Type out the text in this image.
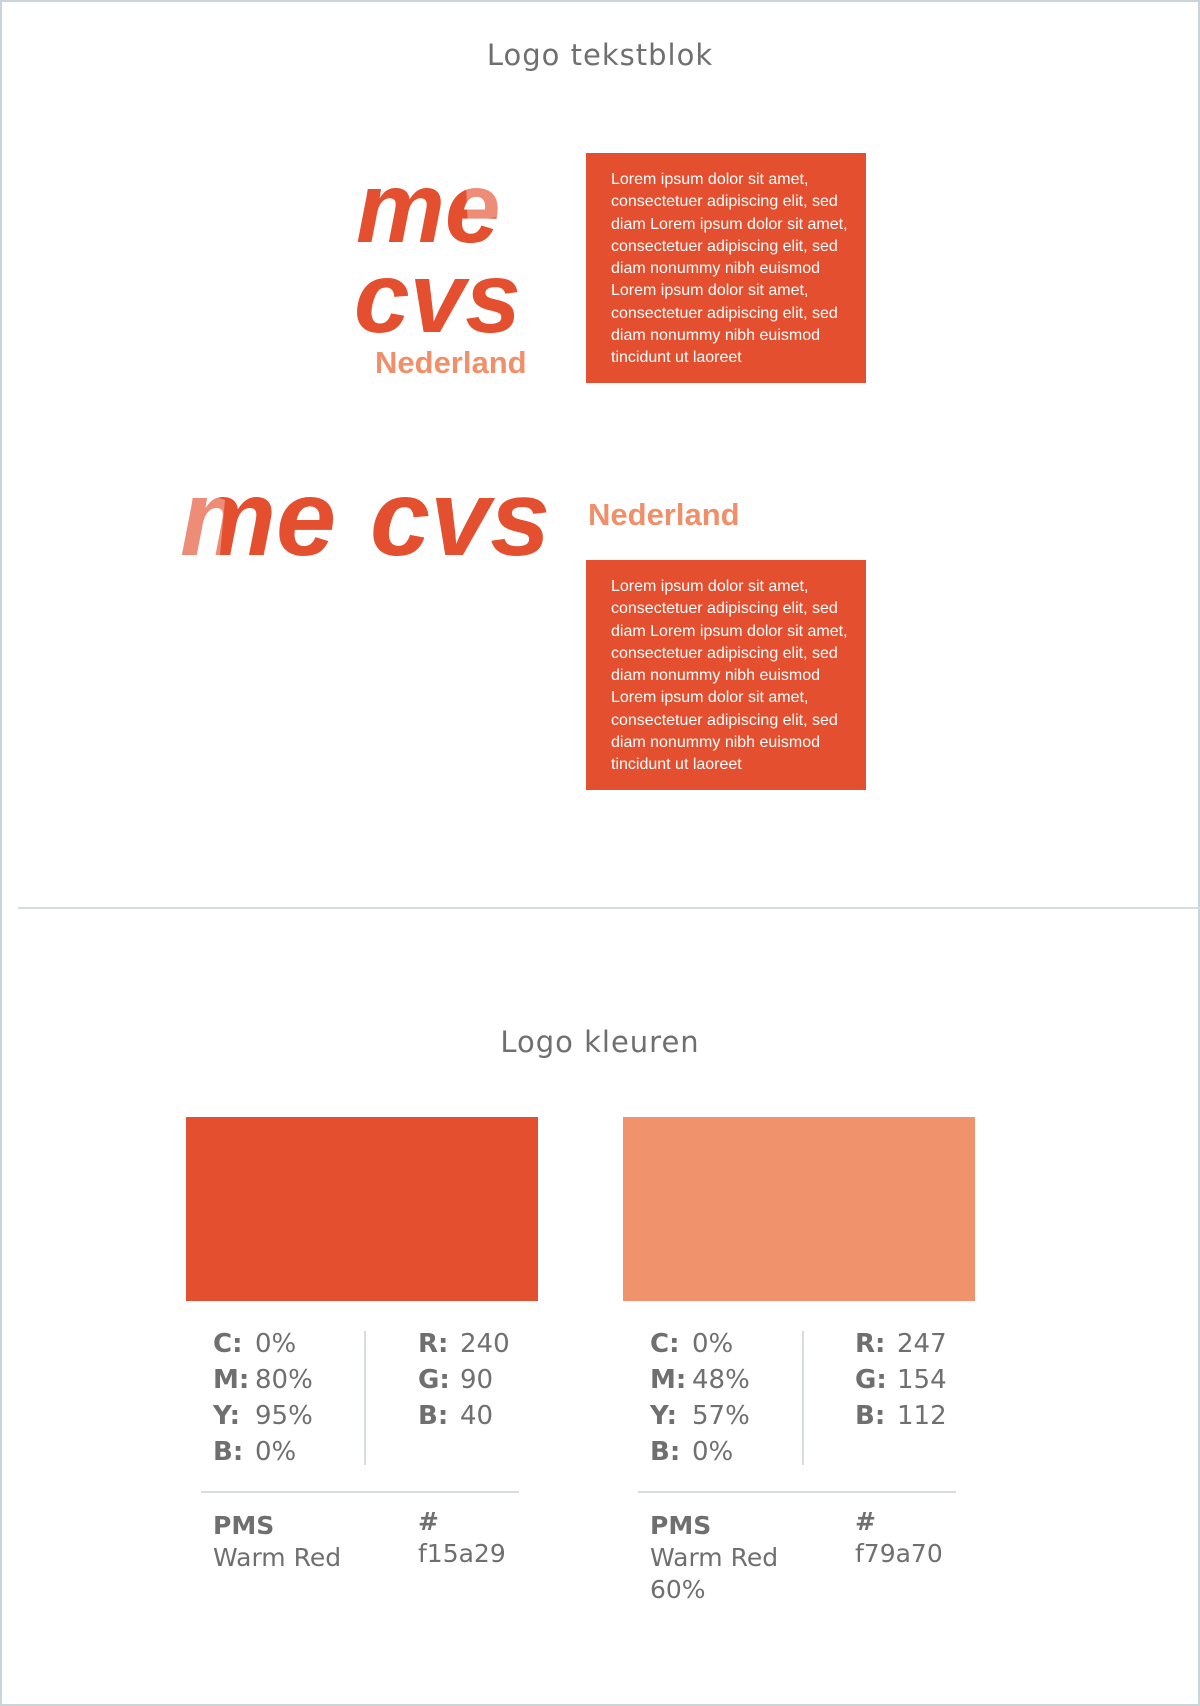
Logo tekstblok
me
cvs
Nederland
Lorem ipsum dolor sit amet,
consectetuer adipiscing elit, sed
diam Lorem ipsum dolor sit amet,
consectetuer adipiscing elit, sed
diam nonummy nibh euismod
Lorem ipsum dolor sit amet,
consectetuer adipiscing elit, sed
diam nonummy nibh euismod
tincidunt ut laoreet
me cvs Nederland
Lorem ipsum dolor sit amet,
consectetuer adipiscing elit, sed
diam Lorem ipsum dolor sit amet,
consectetuer adipiscing elit, sed
diam nonummy nibh euismod
Lorem ipsum dolor sit amet,
consectetuer adipiscing elit, sed
diam nonummy nibh euismod
tincidunt ut laoreet
Logo kleuren
C: 0%
M: 80%
Y: 95%
B: 0%
R: 240
G: 90
B: 40
PMS
Warm Red
#
f15a29
C: 0%
M: 48%
Y: 57%
B: 0%
R: 247
G: 154
B: 112
PMS
Warm Red
60%
#
f79a70
